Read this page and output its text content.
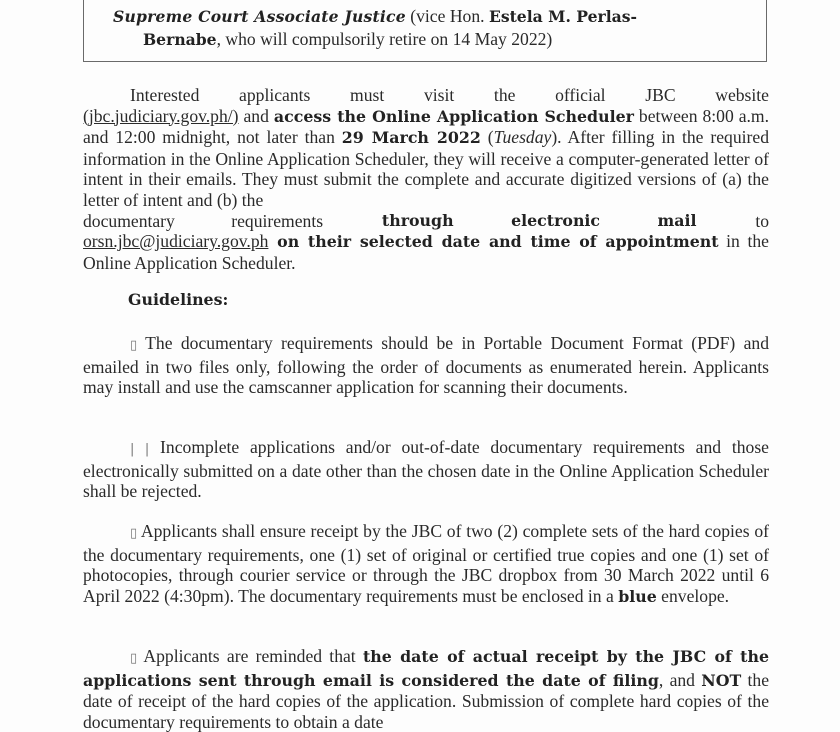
Supreme Court Associate Justice (vice Hon. Estela M. Perlas-
Bernabe, who will compulsorily retire on 14 May 2022)

Interested applicants must visit the official JBC website

(jbc.judiciary.gov.ph/) and access the Online Application Scheduler between 8:00 a.m. and 12:00 midnight, not later than 29 March 2022 (Tuesday). After filling in the required information in the Online Application Scheduler, they will receive a computer-generated letter of intent in their emails. They must submit the complete and accurate digitized versions of (a) the letter of intent and (b) the

documentary requirements	through electronic mail	to

orsn.jbc@judiciary.gov.ph on their selected date and time of appointment in the Online Application Scheduler.

Guidelines:

▯ The documentary requirements should be in Portable Document Format (PDF) and emailed in two files only, following the order of documents as enumerated herein. Applicants may install and use the camscanner application for scanning their documents.

| | Incomplete applications and/or out-of-date documentary requirements and those electronically submitted on a date other than the chosen date in the Online Application Scheduler shall be rejected.

▯ Applicants shall ensure receipt by the JBC of two (2) complete sets of the hard copies of the documentary requirements, one (1) set of original or certified true copies and one (1) set of photocopies, through courier service or through the JBC dropbox from 30 March 2022 until 6 April 2022 (4:30pm). The documentary requirements must be enclosed in a blue envelope.

▯ Applicants are reminded that the date of actual receipt by the JBC of the applications sent through email is considered the date of filing, and NOT the date of receipt of the hard copies of the application. Submission of complete hard copies of the documentary requirements to obtain a date
